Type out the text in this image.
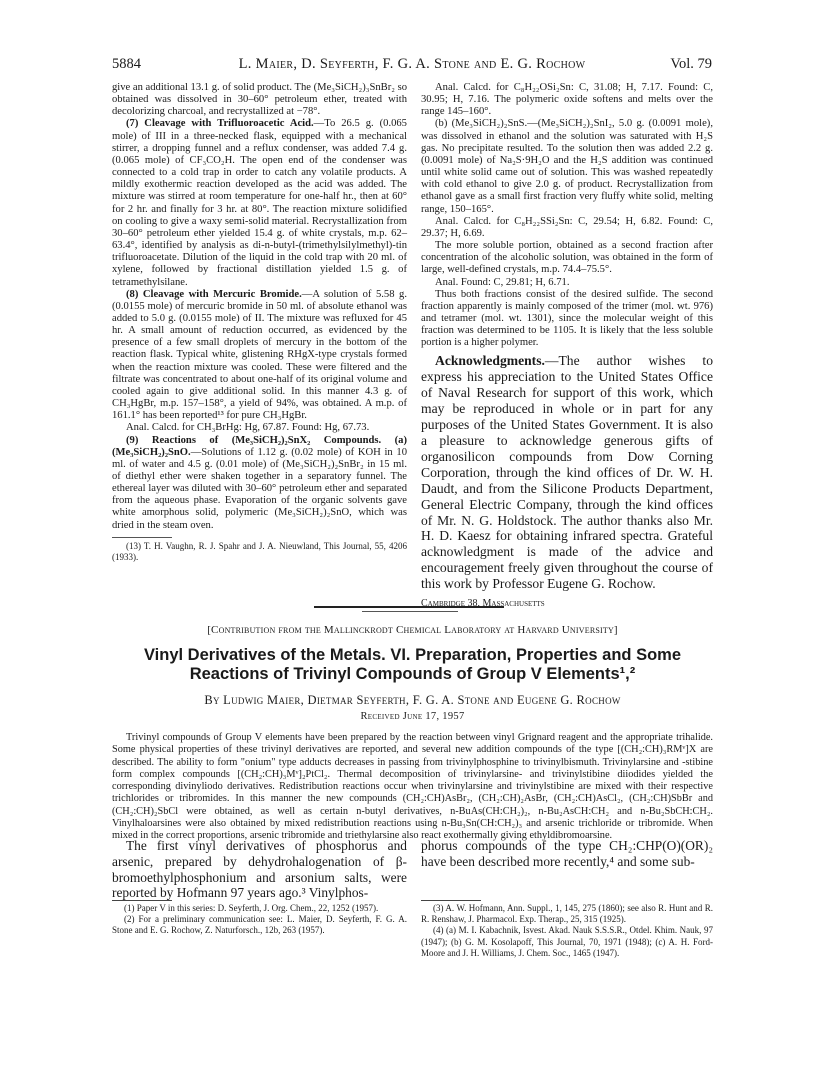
5884	L. Maier, D. Seyferth, F. G. A. Stone and E. G. Rochow	Vol. 79

give an additional 13.1 g. of solid product. The (Me₃SiCH₂)₃SnBr₂ so obtained was dissolved in 30–60° petroleum ether, treated with decolorizing charcoal, and recrystallized at −78°.

(7) Cleavage with Trifluoroacetic Acid.—To 26.5 g. (0.065 mole) of III in a three-necked flask, equipped with a mechanical stirrer, a dropping funnel and a reflux condenser, was added 7.4 g. (0.065 mole) of CF₃CO₂H. The open end of the condenser was connected to a cold trap in order to catch any volatile products. A mildly exothermic reaction developed as the acid was added. The mixture was stirred at room temperature for one-half hr., then at 60° for 2 hr. and finally for 3 hr. at 80°. The reaction mixture solidified on cooling to give a waxy semi-solid material. Recrystallization from 30–60° petroleum ether yielded 15.4 g. of white crystals, m.p. 62–63.4°, identified by analysis as di-n-butyl-(trimethylsilylmethyl)-tin trifluoroacetate. Dilution of the liquid in the cold trap with 20 ml. of xylene, followed by fractional distillation yielded 1.5 g. of tetramethylsilane.

(8) Cleavage with Mercuric Bromide.—A solution of 5.58 g. (0.0155 mole) of mercuric bromide in 50 ml. of absolute ethanol was added to 5.0 g. (0.0155 mole) of II. The mixture was refluxed for 45 hr. A small amount of reduction occurred, as evidenced by the presence of a few small droplets of mercury in the bottom of the reaction flask. Typical white, glistening RHgX-type crystals formed when the reaction mixture was cooled. These were filtered and the filtrate was concentrated to about one-half of its original volume and cooled again to give additional solid. In this manner 4.3 g. of CH₃HgBr, m.p. 157–158°, a yield of 94%, was obtained. A m.p. of 161.1° has been reported¹³ for pure CH₃HgBr.

Anal. Calcd. for CH₃BrHg: Hg, 67.87. Found: Hg, 67.73.

(9) Reactions of (Me₃SiCH₂)₂SnX₂ Compounds. (a) (Me₃SiCH₂)₂SnO.—Solutions of 1.12 g. (0.02 mole) of KOH in 10 ml. of water and 4.5 g. (0.01 mole) of (Me₃SiCH₂)₂SnBr₂ in 15 ml. of diethyl ether were shaken together in a separatory funnel. The ethereal layer was diluted with 30–60° petroleum ether and separated from the aqueous phase. Evaporation of the organic solvents gave white amorphous solid, polymeric (Me₃SiCH₂)₂SnO, which was dried in the steam oven.

(13) T. H. Vaughn, R. J. Spahr and J. A. Nieuwland, This Journal, 55, 4206 (1933).

Anal. Calcd. for C₈H₂₂OSi₂Sn: C, 31.08; H, 7.17. Found: C, 30.95; H, 7.16. The polymeric oxide softens and melts over the range 145–160°.

(b) (Me₃SiCH₂)₂SnS.—(Me₃SiCH₂)₂SnI₂, 5.0 g. (0.0091 mole), was dissolved in ethanol and the solution was saturated with H₂S gas. No precipitate resulted. To the solution then was added 2.2 g. (0.0091 mole) of Na₂S·9H₂O and the H₂S addition was continued until white solid came out of solution. This was washed repeatedly with cold ethanol to give 2.0 g. of product. Recrystallization from ethanol gave as a small first fraction very fluffy white solid, melting range, 150–165°.

Anal. Calcd. for C₈H₂₂SSi₂Sn: C, 29.54; H, 6.82. Found: C, 29.37; H, 6.69.

The more soluble portion, obtained as a second fraction after concentration of the alcoholic solution, was obtained in the form of large, well-defined crystals, m.p. 74.4–75.5°.

Anal. Found: C, 29.81; H, 6.71.

Thus both fractions consist of the desired sulfide. The second fraction apparently is mainly composed of the trimer (mol. wt. 976) and tetramer (mol. wt. 1301), since the molecular weight of this fraction was determined to be 1105. It is likely that the less soluble portion is a higher polymer.

Acknowledgments.—The author wishes to express his appreciation to the United States Office of Naval Research for support of this work, which may be reproduced in whole or in part for any purposes of the United States Government. It is also a pleasure to acknowledge generous gifts of organosilicon compounds from Dow Corning Corporation, through the kind offices of Dr. W. H. Daudt, and from the Silicone Products Department, General Electric Company, through the kind offices of Mr. N. G. Holdstock. The author thanks also Mr. H. D. Kaesz for obtaining infrared spectra. Grateful acknowledgment is made of the advice and encouragement freely given throughout the course of this work by Professor Eugene G. Rochow.

Cambridge 38, Massachusetts

[Contribution from the Mallinckrodt Chemical Laboratory at Harvard University]
Vinyl Derivatives of the Metals. VI. Preparation, Properties and Some Reactions of Trivinyl Compounds of Group V Elements¹,²
By Ludwig Maier, Dietmar Seyferth, F. G. A. Stone and Eugene G. Rochow
Received June 17, 1957
Trivinyl compounds of Group V elements have been prepared by the reaction between vinyl Grignard reagent and the appropriate trihalide. Some physical properties of these trivinyl derivatives are reported, and several new addition compounds of the type [(CH₂:CH)₃RMᵛ]X are described. The ability to form "onium" type adducts decreases in passing from trivinylphosphine to trivinylbismuth. Trivinylarsine and -stibine form complex compounds [(CH₂:CH)₃Mᵛ]₂PtCl₂. Thermal decomposition of trivinylarsine- and trivinylstibine diiodides yielded the corresponding divinyliodo derivatives. Redistribution reactions occur when trivinylarsine and trivinylstibine are mixed with their respective trichlorides or tribromides. In this manner the new compounds (CH₂:CH)AsBr₂, (CH₂:CH)₂AsBr, (CH₂:CH)AsCl₂, (CH₂:CH)SbBr and (CH₂:CH)₂SbCl were obtained, as well as certain n-butyl derivatives, n-BuAs(CH:CH₂)₂, n-Bu₂AsCH:CH₂ and n-Bu₂SbCH:CH₂. Vinylhaloarsines were also obtained by mixed redistribution reactions using n-Bu₃Sn(CH:CH₂)₃ and arsenic trichloride or tribromide. When mixed in the correct proportions, arsenic tribromide and triethylarsine also react exothermally giving ethyldibromoarsine.
The first vinyl derivatives of phosphorus and arsenic, prepared by dehydrohalogenation of β-bromoethylphosphonium and arsonium salts, were reported by Hofmann 97 years ago.³ Vinylphos-
phorus compounds of the type CH₂:CHP(O)(OR)₂ have been described more recently,⁴ and some sub-

(1) Paper V in this series: D. Seyferth, J. Org. Chem., 22, 1252 (1957).

(2) For a preliminary communication see: L. Maier, D. Seyferth, F. G. A. Stone and E. G. Rochow, Z. Naturforsch., 12b, 263 (1957).

(3) A. W. Hofmann, Ann. Suppl., 1, 145, 275 (1860); see also R. Hunt and R. R. Renshaw, J. Pharmacol. Exp. Therap., 25, 315 (1925).

(4) (a) M. I. Kabachnik, Isvest. Akad. Nauk S.S.S.R., Otdel. Khim. Nauk, 97 (1947); (b) G. M. Kosolapoff, This Journal, 70, 1971 (1948); (c) A. H. Ford-Moore and J. H. Williams, J. Chem. Soc., 1465 (1947).
